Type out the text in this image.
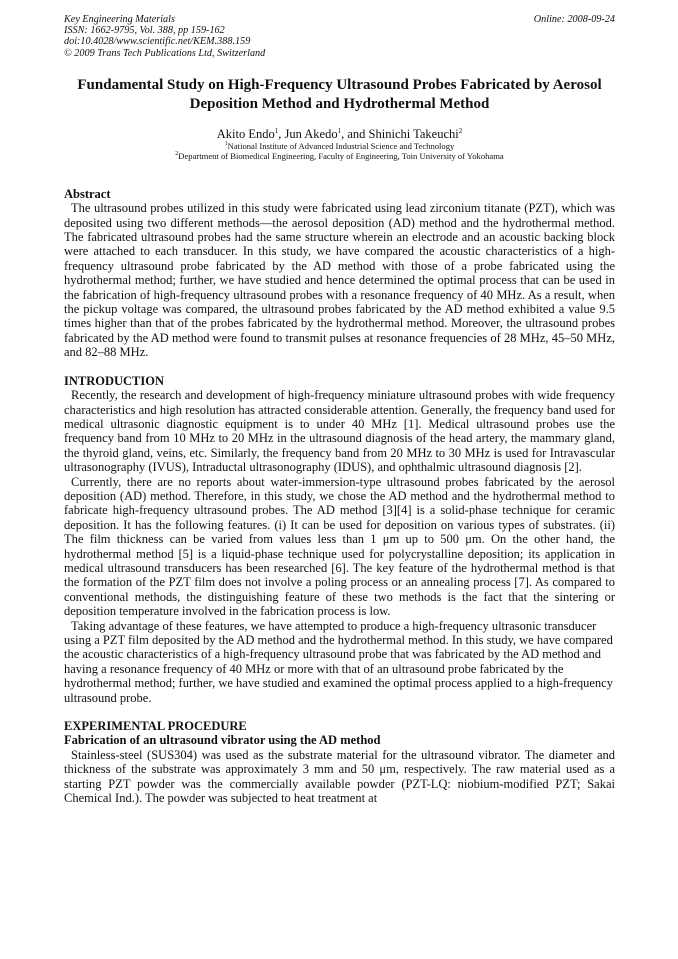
Key Engineering Materials
ISSN: 1662-9795, Vol. 388, pp 159-162
doi:10.4028/www.scientific.net/KEM.388.159
© 2009 Trans Tech Publications Ltd, Switzerland
Online: 2008-09-24
Fundamental Study on High-Frequency Ultrasound Probes Fabricated by Aerosol Deposition Method and Hydrothermal Method
Akito Endo$^1$, Jun Akedo$^1$, and Shinichi Takeuchi$^2$
$^1$National Institute of Advanced Industrial Science and Technology
$^2$Department of Biomedical Engineering, Faculty of Engineering, Toin University of Yokohama
Abstract

The ultrasound probes utilized in this study were fabricated using lead zirconium titanate (PZT), which was deposited using two different methods—the aerosol deposition (AD) method and the hydrothermal method. The fabricated ultrasound probes had the same structure wherein an electrode and an acoustic backing block were attached to each transducer. In this study, we have compared the acoustic characteristics of a high-frequency ultrasound probe fabricated by the AD method with those of a probe fabricated using the hydrothermal method; further, we have studied and hence determined the optimal process that can be used in the fabrication of high-frequency ultrasound probes with a resonance frequency of 40 MHz. As a result, when the pickup voltage was compared, the ultrasound probes fabricated by the AD method exhibited a value 9.5 times higher than that of the probes fabricated by the hydrothermal method. Moreover, the ultrasound probes fabricated by the AD method were found to transmit pulses at resonance frequencies of 28 MHz, 45–50 MHz, and 82–88 MHz.

INTRODUCTION

Recently, the research and development of high-frequency miniature ultrasound probes with wide frequency characteristics and high resolution has attracted considerable attention. Generally, the frequency band used for medical ultrasonic diagnostic equipment is to under 40 MHz [1]. Medical ultrasound probes use the frequency band from 10 MHz to 20 MHz in the ultrasound diagnosis of the head artery, the mammary gland, the thyroid gland, veins, etc. Similarly, the frequency band from 20 MHz to 30 MHz is used for Intravascular ultrasonography (IVUS), Intraductal ultrasonography (IDUS), and ophthalmic ultrasound diagnosis [2].

Currently, there are no reports about water-immersion-type ultrasound probes fabricated by the aerosol deposition (AD) method. Therefore, in this study, we chose the AD method and the hydrothermal method to fabricate high-frequency ultrasound probes. The AD method [3][4] is a solid-phase technique for ceramic deposition. It has the following features. (i) It can be used for deposition on various types of substrates. (ii) The film thickness can be varied from values less than 1 μm up to 500 μm. On the other hand, the hydrothermal method [5] is a liquid-phase technique used for polycrystalline deposition; its application in medical ultrasound transducers has been researched [6]. The key feature of the hydrothermal method is that the formation of the PZT film does not involve a poling process or an annealing process [7]. As compared to conventional methods, the distinguishing feature of these two methods is the fact that the sintering or deposition temperature involved in the fabrication process is low.

Taking advantage of these features, we have attempted to produce a high-frequency ultrasonic transducer using a PZT film deposited by the AD method and the hydrothermal method. In this study, we have compared the acoustic characteristics of a high-frequency ultrasound probe that was fabricated by the AD method and having a resonance frequency of 40 MHz or more with that of an ultrasound probe fabricated by the hydrothermal method; further, we have studied and examined the optimal process applied to a high-frequency ultrasound probe.

EXPERIMENTAL PROCEDURE
Fabrication of an ultrasound vibrator using the AD method

Stainless-steel (SUS304) was used as the substrate material for the ultrasound vibrator. The diameter and thickness of the substrate was approximately 3 mm and 50 μm, respectively. The raw material used as a starting PZT powder was the commercially available powder (PZT-LQ: niobium-modified PZT; Sakai Chemical Ind.). The powder was subjected to heat treatment at
